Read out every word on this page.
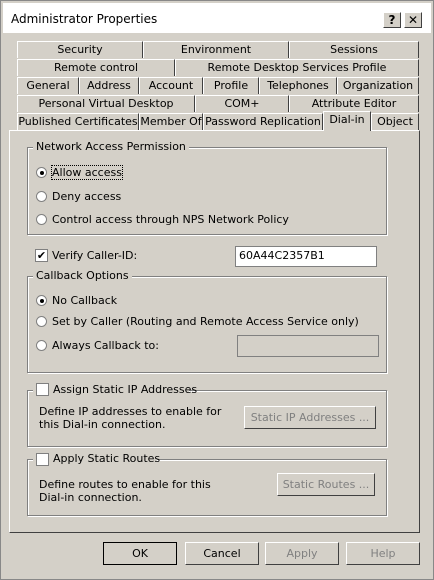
Administrator Properties	?	✕
Security	Environment	Sessions
Remote control	Remote Desktop Services Profile
General	Address	Account	Profile	Telephones	Organization
Personal Virtual Desktop	COM+	Attribute Editor
Published Certificates Member Of Password Replication Dial-in	Object
Network Access Permission
Allow access
Deny access
Control access through NPS Network Policy
✔ Verify Caller-ID:	60A44C2357B1
Callback Options
No Callback
Set by Caller (Routing and Remote Access Service only)
Always Callback to:
Assign Static IP Addresses
Define IP addresses to enable for this Dial-in connection.
Static IP Addresses ...
Apply Static Routes
Define routes to enable for this Dial-in connection.
Static Routes ...
OK	Cancel	Apply	Help
